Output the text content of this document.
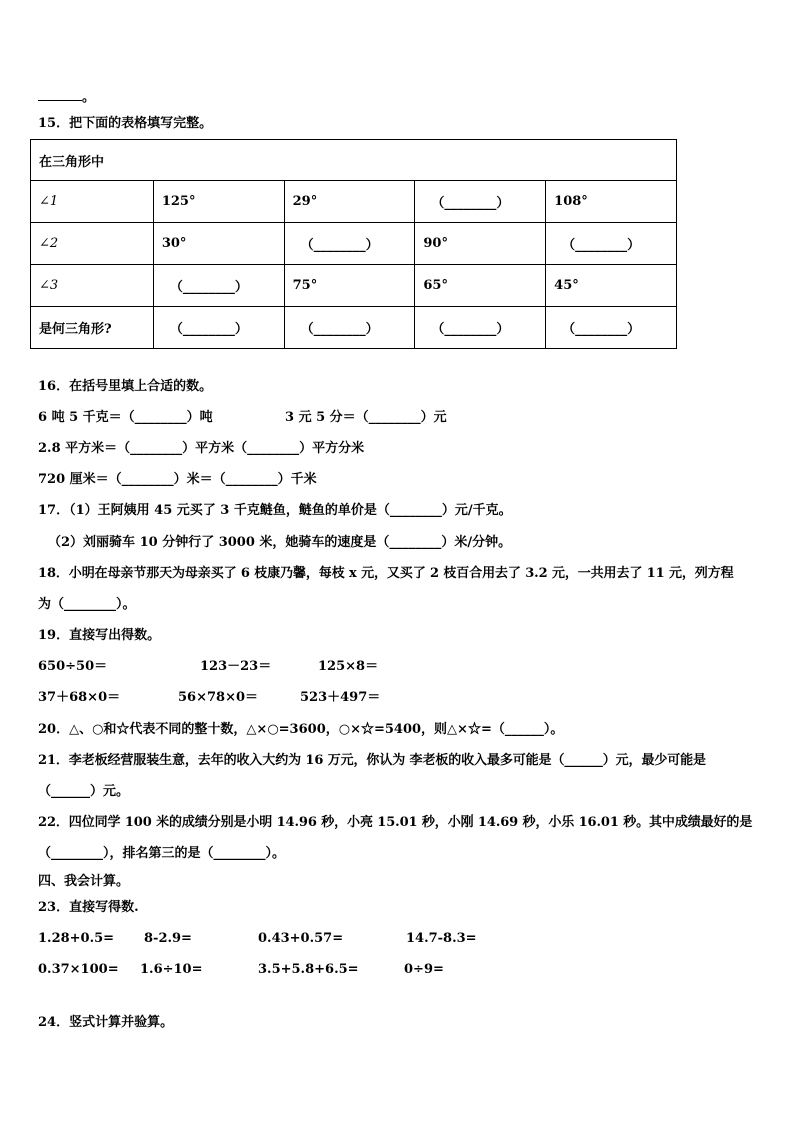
。
15．把下面的表格填写完整。
在三角形中				
∠1	125°	29°	（________）	108°
∠2	30°	（________）	90°	（________）
∠3	（________）	75°	65°	45°
是何三角形?	（________）	（________）	（________）	（________）
16．在括号里填上合适的数。
6 吨 5 千克＝（________）吨	3 元 5 分＝（________）元
2.8 平方米＝（________）平方米（________）平方分米
720 厘米＝（________）米＝（________）千米
17．（1）王阿姨用 45 元买了 3 千克鲢鱼，鲢鱼的单价是（________）元/千克。
（2）刘丽骑车 10 分钟行了 3000 米，她骑车的速度是（________）米/分钟。
18．小明在母亲节那天为母亲买了 6 枝康乃馨，每枝 x 元，又买了 2 枝百合用去了 3.2 元，一共用去了 11 元，列方程
为（________）。
19．直接写出得数。
650÷50＝	123－23＝	125×8＝
37＋68×0＝	56×78×0＝	523＋497＝
20．△、○和☆代表不同的整十数，△×○=3600，○×☆=5400，则△×☆=（______）。
21．李老板经营服装生意，去年的收入大约为 16 万元，你认为 李老板的收入最多可能是（______）元，最少可能是
（______）元。
22．四位同学 100 米的成绩分别是小明 14.96 秒，小亮 15.01 秒，小刚 14.69 秒，小乐 16.01 秒。其中成绩最好的是
（________），排名第三的是（________）。
四、我会计算。
23．直接写得数.
1.28+0.5= 8-2.9=	0.43+0.57=	14.7-8.3=
0.37×100= 1.6÷10=	3.5+5.8+6.5=	0÷9=
24．竖式计算并验算。
